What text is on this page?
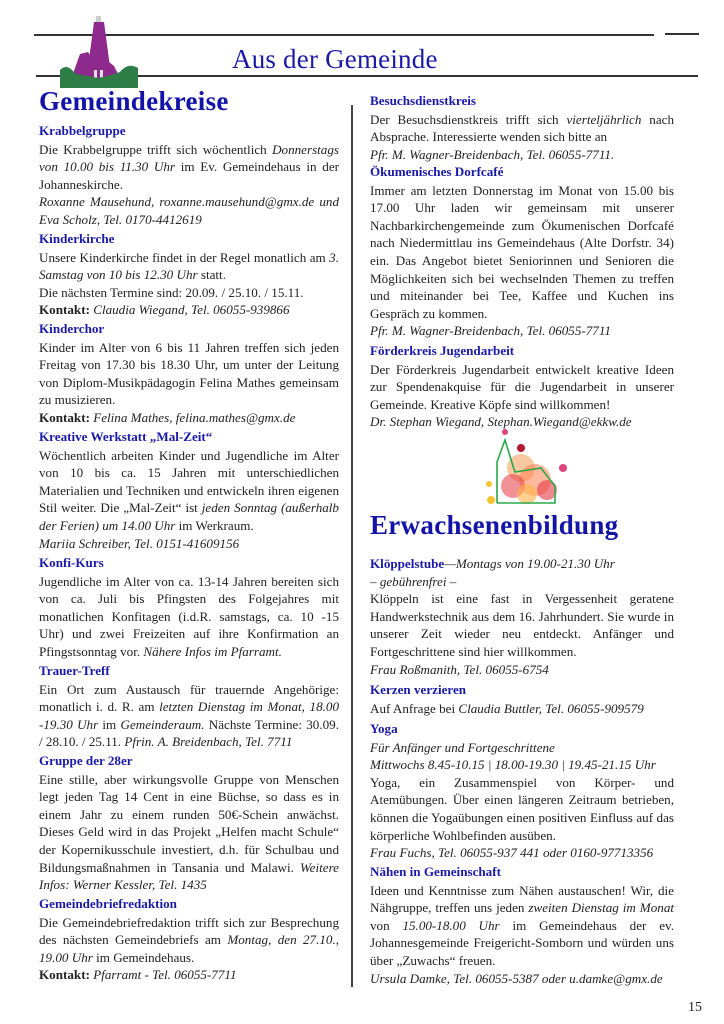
Aus der Gemeinde
Gemeindekreise
Krabbelgruppe

Die Krabbelgruppe trifft sich wöchentlich Donnerstags von 10.00 bis 11.30 Uhr im Ev. Gemeindehaus in der Johanneskirche.

Roxanne Mausehund, roxanne.mausehund@gmx.de und Eva Scholz, Tel. 0170-4412619

Kinderkirche

Unsere Kinderkirche findet in der Regel monatlich am 3. Samstag von 10 bis 12.30 Uhr statt.

Die nächsten Termine sind: 20.09. / 25.10. / 15.11.

Kontakt: Claudia Wiegand, Tel. 06055-939866

Kinderchor

Kinder im Alter von 6 bis 11 Jahren treffen sich jeden Freitag von 17.30 bis 18.30 Uhr, um unter der Leitung von Diplom-Musikpädagogin Felina Mathes gemeinsam zu musizieren.

Kontakt: Felina Mathes, felina.mathes@gmx.de

Kreative Werkstatt „Mal-Zeit“

Wöchentlich arbeiten Kinder und Jugendliche im Alter von 10 bis ca. 15 Jahren mit unterschiedlichen Materialien und Techniken und entwickeln ihren eigenen Stil weiter. Die „Mal-Zeit“ ist jeden Sonntag (außerhalb der Ferien) um 14.00 Uhr im Werkraum.

Mariia Schreiber, Tel. 0151-41609156

Konfi-Kurs

Jugendliche im Alter von ca. 13-14 Jahren bereiten sich von ca. Juli bis Pfingsten des Folgejahres mit monatlichen Konfitagen (i.d.R. samstags, ca. 10 -15 Uhr) und zwei Freizeiten auf ihre Konfirmation an Pfingstsonntag vor. Nähere Infos im Pfarramt.

Trauer-Treff

Ein Ort zum Austausch für trauernde Angehörige: monatlich i. d. R. am letzten Dienstag im Monat, 18.00 -19.30 Uhr im Gemeinderaum. Nächste Termine: 30.09. / 28.10. / 25.11. Pfrin. A. Breidenbach, Tel. 7711

Gruppe der 28er

Eine stille, aber wirkungsvolle Gruppe von Menschen legt jeden Tag 14 Cent in eine Büchse, so dass es in einem Jahr zu einem runden 50€-Schein anwächst. Dieses Geld wird in das Projekt „Helfen macht Schule“ der Kopernikusschule investiert, d.h. für Schulbau und Bildungsmaßnahmen in Tansania und Malawi. Weitere Infos: Werner Kessler, Tel. 1435

Gemeindebriefredaktion

Die Gemeindebriefredaktion trifft sich zur Besprechung des nächsten Gemeindebriefs am Montag, den 27.10., 19.00 Uhr im Gemeindehaus.

Kontakt: Pfarramt - Tel. 06055-7711

Besuchsdienstkreis

Der Besuchsdienstkreis trifft sich vierteljährlich nach Absprache. Interessierte wenden sich bitte an

Pfr. M. Wagner-Breidenbach, Tel. 06055-7711.

Ökumenisches Dorfcafé

Immer am letzten Donnerstag im Monat von 15.00 bis 17.00 Uhr laden wir gemeinsam mit unserer Nachbarkirchengemeinde zum Ökumenischen Dorfcafé nach Niedermittlau ins Gemeindehaus (Alte Dorfstr. 34) ein. Das Angebot bietet Seniorinnen und Senioren die Möglichkeiten sich bei wechselnden Themen zu treffen und miteinander bei Tee, Kaffee und Kuchen ins Gespräch zu kommen.

Pfr. M. Wagner-Breidenbach, Tel. 06055-7711

Förderkreis Jugendarbeit

Der Förderkreis Jugendarbeit entwickelt kreative Ideen zur Spendenakquise für die Jugendarbeit in unserer Gemeinde. Kreative Köpfe sind willkommen!

Dr. Stephan Wiegand, Stephan.Wiegand@ekkw.de

Erwachsenenbildung

Klöppelstube—Montags von 19.00-21.30 Uhr

– gebührenfrei –

Klöppeln ist eine fast in Vergessenheit geratene Handwerkstechnik aus dem 16. Jahrhundert. Sie wurde in unserer Zeit wieder neu entdeckt. Anfänger und Fortgeschrittene sind hier willkommen.

Frau Roßmanith, Tel. 06055-6754

Kerzen verzieren

Auf Anfrage bei Claudia Buttler, Tel. 06055-909579

Yoga

Für Anfänger und Fortgeschrittene

Mittwochs 8.45-10.15 | 18.00-19.30 | 19.45-21.15 Uhr

Yoga, ein Zusammenspiel von Körper- und Atemübungen. Über einen längeren Zeitraum betrieben, können die Yogaübungen einen positiven Einfluss auf das körperliche Wohlbefinden ausüben.

Frau Fuchs, Tel. 06055-937 441 oder 0160-97713356

Nähen in Gemeinschaft

Ideen und Kenntnisse zum Nähen austauschen! Wir, die Nähgruppe, treffen uns jeden zweiten Dienstag im Monat von 15.00-18.00 Uhr im Gemeindehaus der ev. Johannesgemeinde Freigericht-Somborn und würden uns über „Zuwachs“ freuen.

Ursula Damke, Tel. 06055-5387 oder u.damke@gmx.de

15
